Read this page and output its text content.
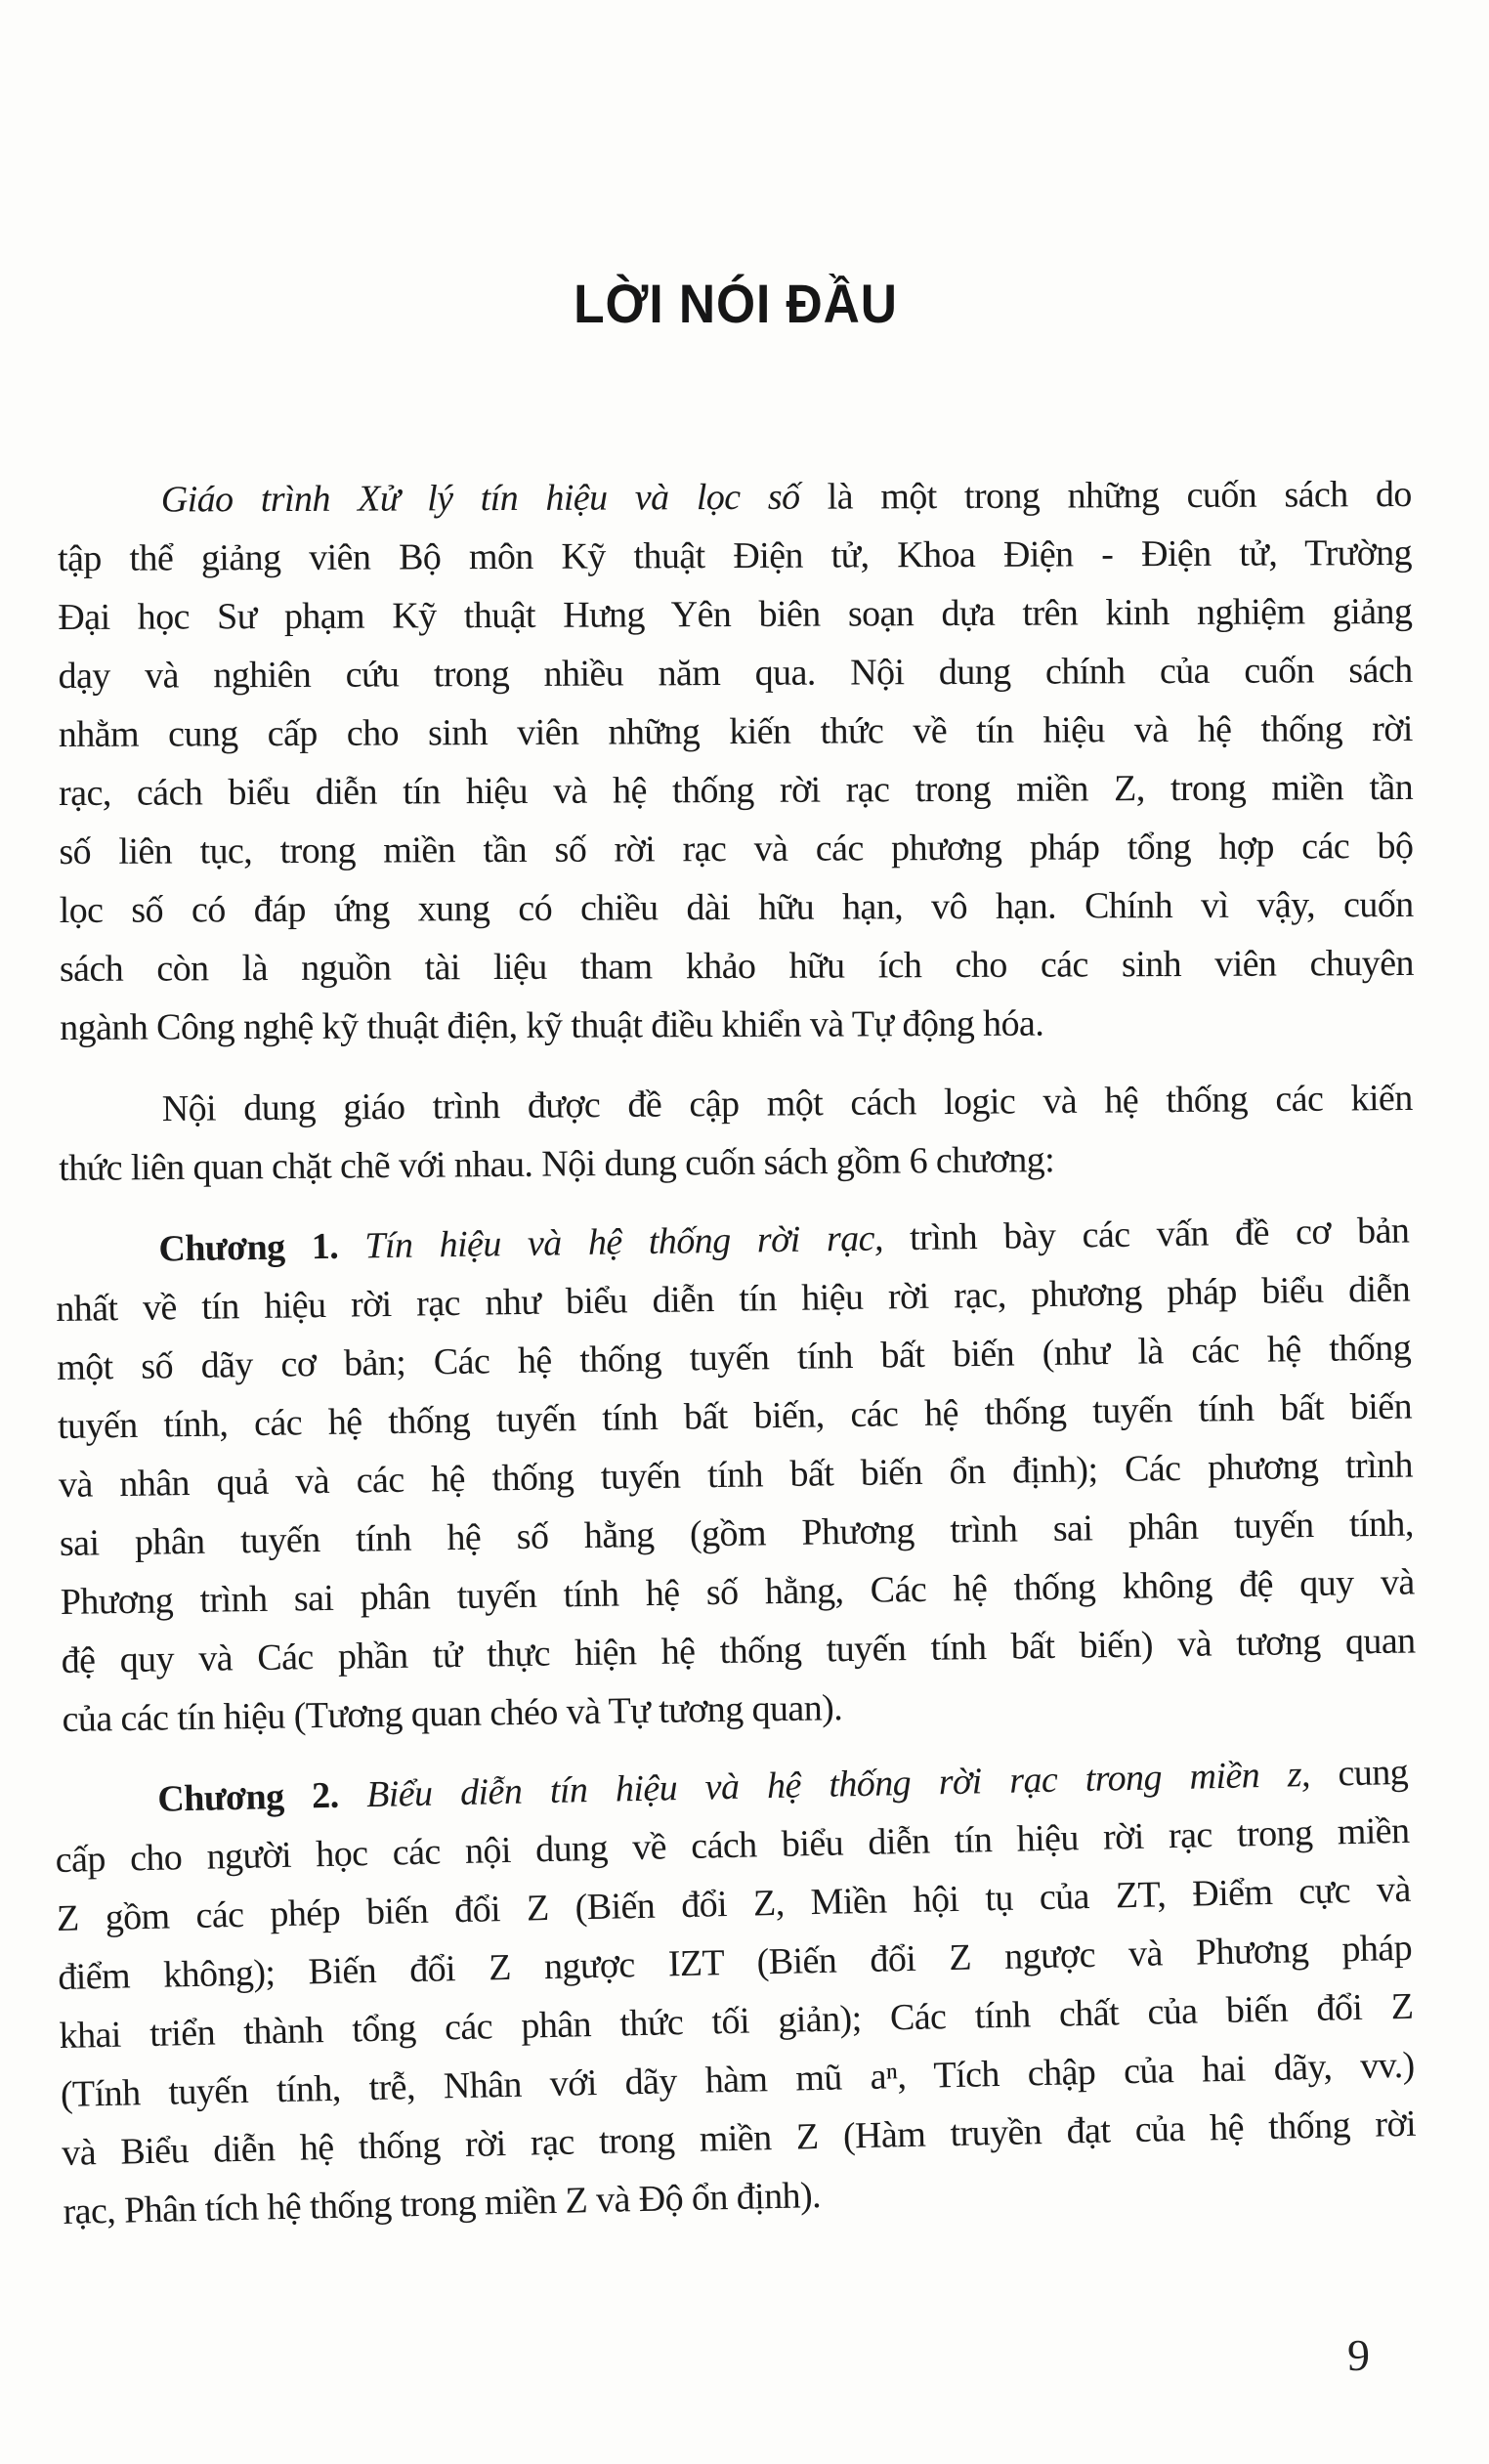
LỜI NÓI ĐẦU
Giáo trình Xử lý tín hiệu và lọc số là một trong những cuốn sách do
tập thể giảng viên Bộ môn Kỹ thuật Điện tử, Khoa Điện - Điện tử, Trường
Đại học Sư phạm Kỹ thuật Hưng Yên biên soạn dựa trên kinh nghiệm giảng
dạy và nghiên cứu trong nhiều năm qua. Nội dung chính của cuốn sách
nhằm cung cấp cho sinh viên những kiến thức về tín hiệu và hệ thống rời
rạc, cách biểu diễn tín hiệu và hệ thống rời rạc trong miền Z, trong miền tần
số liên tục, trong miền tần số rời rạc và các phương pháp tổng hợp các bộ
lọc số có đáp ứng xung có chiều dài hữu hạn, vô hạn. Chính vì vậy, cuốn
sách còn là nguồn tài liệu tham khảo hữu ích cho các sinh viên chuyên
ngành Công nghệ kỹ thuật điện, kỹ thuật điều khiển và Tự động hóa.
Nội dung giáo trình được đề cập một cách logic và hệ thống các kiến
thức liên quan chặt chẽ với nhau. Nội dung cuốn sách gồm 6 chương:
Chương 1. Tín hiệu và hệ thống rời rạc, trình bày các vấn đề cơ bản
nhất về tín hiệu rời rạc như biểu diễn tín hiệu rời rạc, phương pháp biểu diễn
một số dãy cơ bản; Các hệ thống tuyến tính bất biến (như là các hệ thống
tuyến tính, các hệ thống tuyến tính bất biến, các hệ thống tuyến tính bất biến
và nhân quả và các hệ thống tuyến tính bất biến ổn định); Các phương trình
sai phân tuyến tính hệ số hằng (gồm Phương trình sai phân tuyến tính,
Phương trình sai phân tuyến tính hệ số hằng, Các hệ thống không đệ quy và
đệ quy và Các phần tử thực hiện hệ thống tuyến tính bất biến) và tương quan
của các tín hiệu (Tương quan chéo và Tự tương quan).
Chương 2. Biểu diễn tín hiệu và hệ thống rời rạc trong miền z, cung
cấp cho người học các nội dung về cách biểu diễn tín hiệu rời rạc trong miền
Z gồm các phép biến đổi Z (Biến đổi Z, Miền hội tụ của ZT, Điểm cực và
điểm không); Biến đổi Z ngược IZT (Biến đổi Z ngược và Phương pháp
khai triển thành tổng các phân thức tối giản); Các tính chất của biến đổi Z
(Tính tuyến tính, trễ, Nhân với dãy hàm mũ aⁿ, Tích chập của hai dãy, vv.)
và Biểu diễn hệ thống rời rạc trong miền Z (Hàm truyền đạt của hệ thống rời
rạc, Phân tích hệ thống trong miền Z và Độ ổn định).
9
